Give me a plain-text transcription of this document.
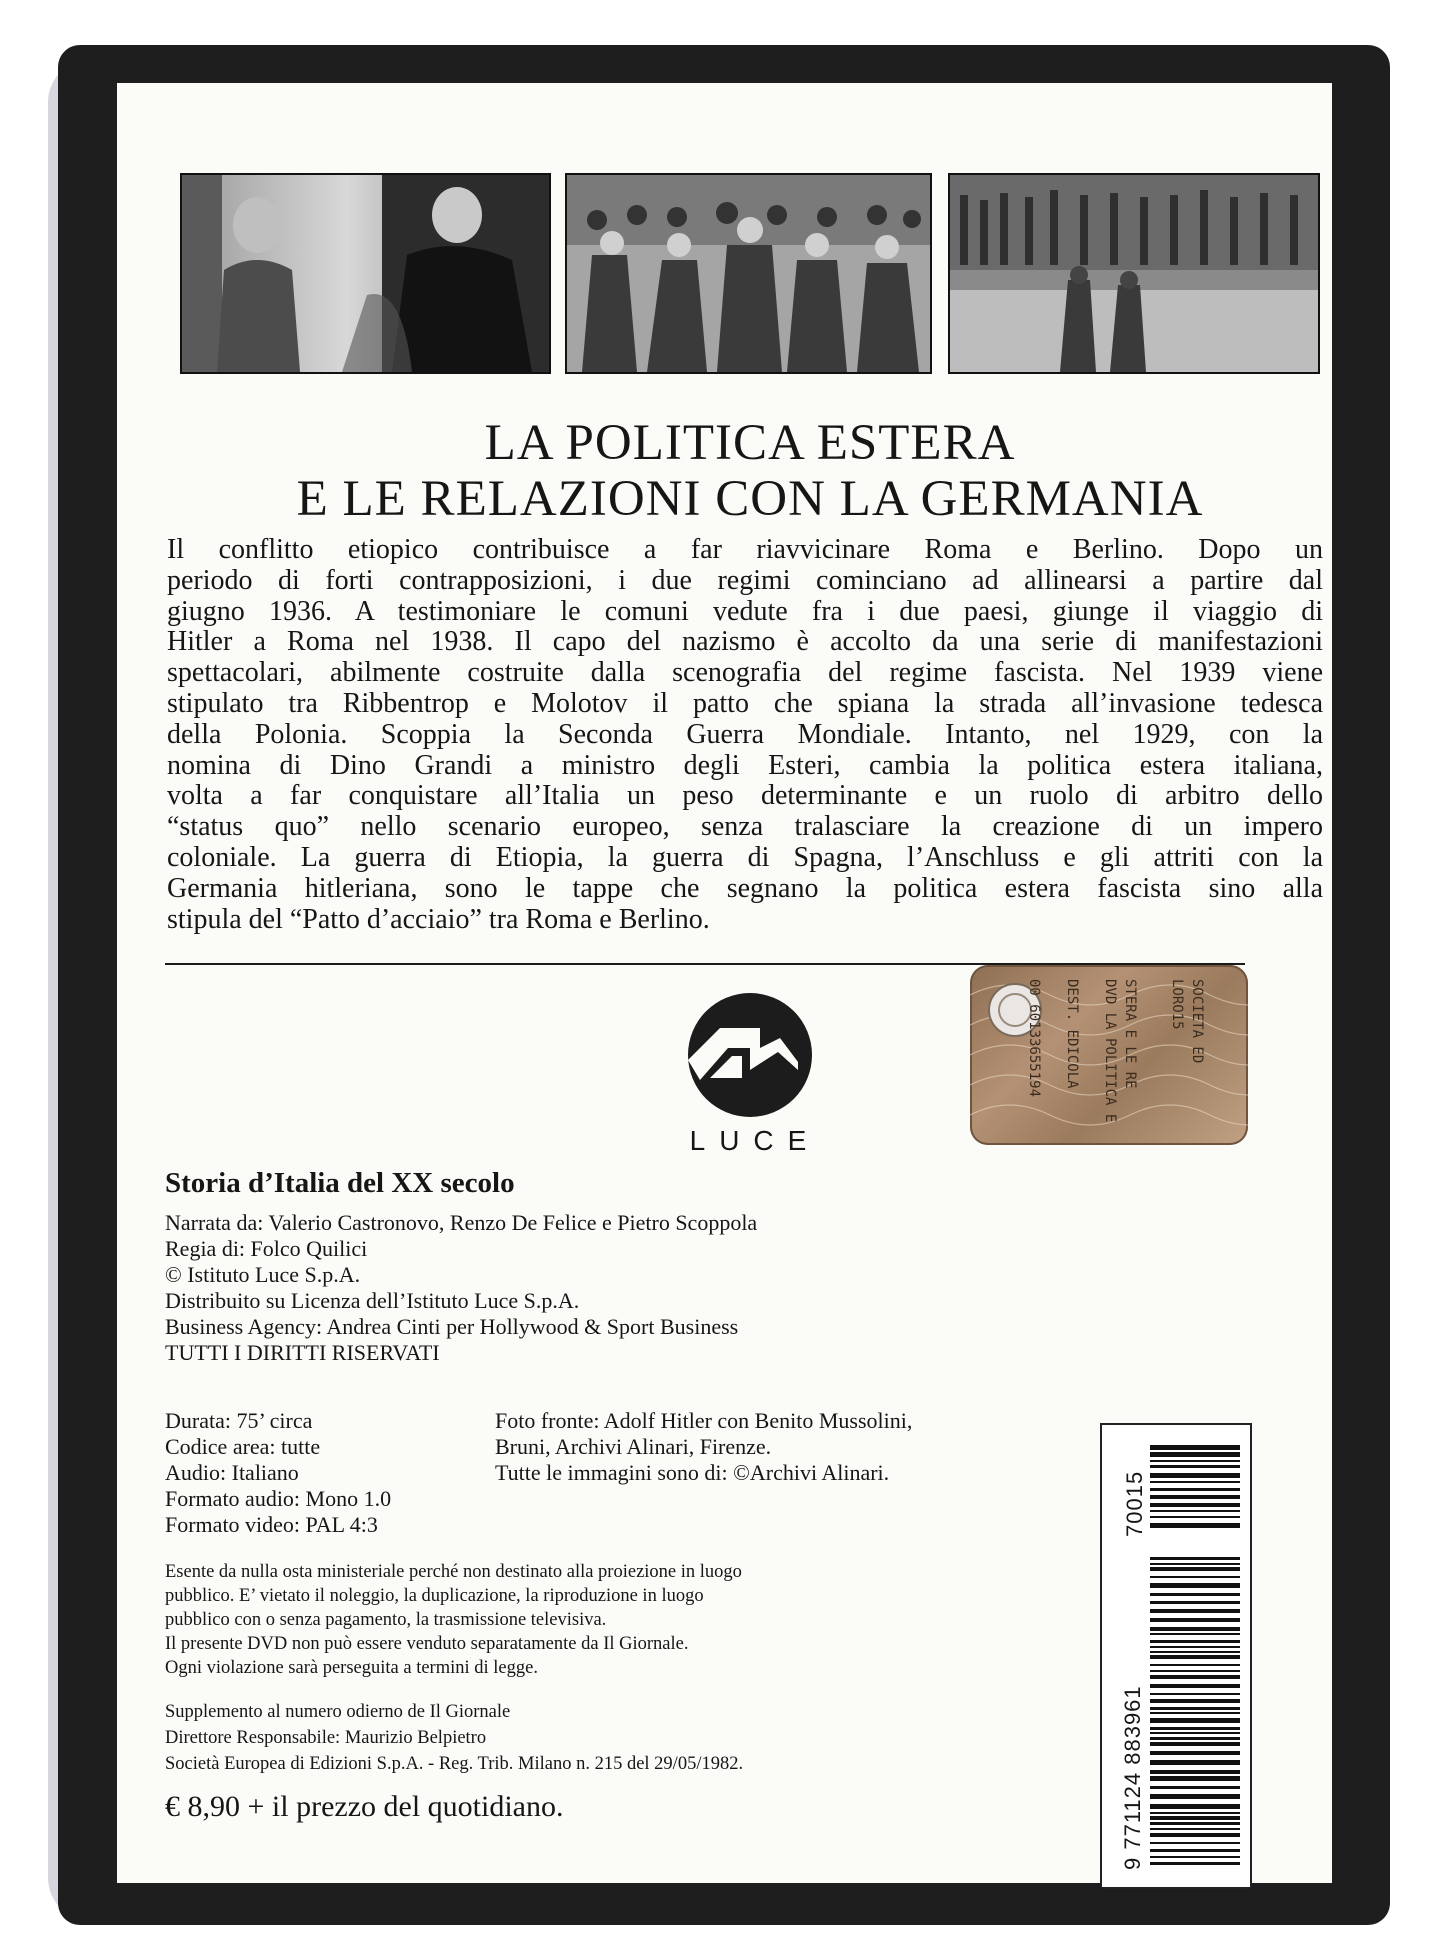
LA POLITICA ESTERA
E LE RELAZIONI CON LA GERMANIA
Il conflitto etiopico contribuisce a far riavvicinare Roma e Berlino. Dopo un
periodo di forti contrapposizioni, i due regimi cominciano ad allinearsi a partire dal
giugno 1936. A testimoniare le comuni vedute fra i due paesi, giunge il viaggio di
Hitler a Roma nel 1938. Il capo del nazismo è accolto da una serie di manifestazioni
spettacolari, abilmente costruite dalla scenografia del regime fascista. Nel 1939 viene
stipulato tra Ribbentrop e Molotov il patto che spiana la strada all’invasione tedesca
della Polonia. Scoppia la Seconda Guerra Mondiale. Intanto, nel 1929, con la
nomina di Dino Grandi a ministro degli Esteri, cambia la politica estera italiana,
volta a far conquistare all’Italia un peso determinante e un ruolo di arbitro dello
“status quo” nello scenario europeo, senza tralasciare la creazione di un impero
coloniale. La guerra di Etiopia, la guerra di Spagna, l’Anschluss e gli attriti con la
Germania hitleriana, sono le tappe che segnano la politica estera fascista sino alla
stipula del “Patto d’acciaio” tra Roma e Berlino.
LUCE
00 60133655194 DEST. EDICOLA DVD LA POLITICA E STERA E LE RE LORO15 SOCIETA ED
Storia d’Italia del XX secolo
Narrata da: Valerio Castronovo, Renzo De Felice e Pietro Scoppola
Regia di: Folco Quilici
© Istituto Luce S.p.A.
Distribuito su Licenza dell’Istituto Luce S.p.A.
Business Agency: Andrea Cinti per Hollywood & Sport Business
TUTTI I DIRITTI RISERVATI
Durata: 75’ circa
Codice area: tutte
Audio: Italiano
Formato audio: Mono 1.0
Formato video: PAL 4:3
Foto fronte: Adolf Hitler con Benito Mussolini,
Bruni, Archivi Alinari, Firenze.
Tutte le immagini sono di: ©Archivi Alinari.
Esente da nulla osta ministeriale perché non destinato alla proiezione in luogo
pubblico. E’ vietato il noleggio, la duplicazione, la riproduzione in luogo
pubblico con o senza pagamento, la trasmissione televisiva.
Il presente DVD non può essere venduto separatamente da Il Giornale.
Ogni violazione sarà perseguita a termini di legge.
Supplemento al numero odierno de Il Giornale
Direttore Responsabile: Maurizio Belpietro
Società Europea di Edizioni S.p.A. - Reg. Trib. Milano n. 215 del 29/05/1982.
€ 8,90 + il prezzo del quotidiano.	9 771124 883961
70015
